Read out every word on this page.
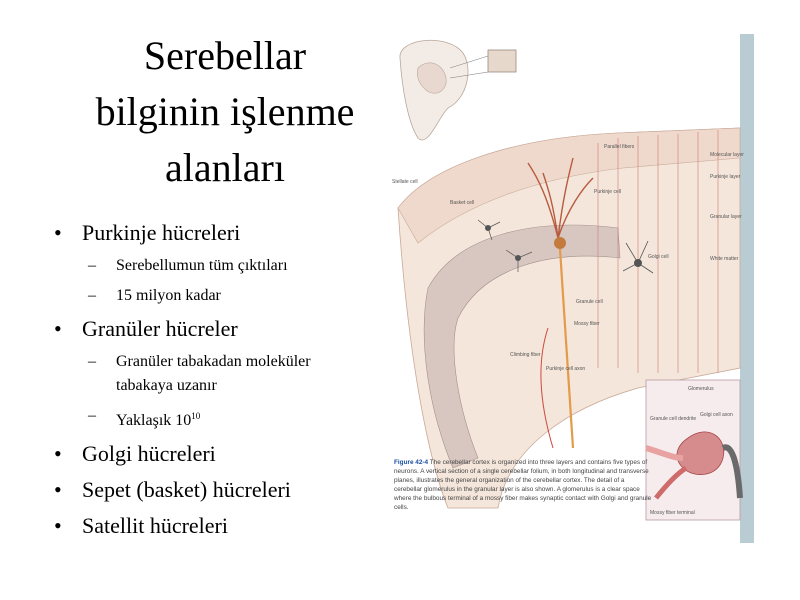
Serebellar
bilginin işlenme
alanları
• Purkinje hücreleri
– Serebellumun tüm çıktıları
– 15 milyon kadar
• Granüler hücreler
– Granüler tabakadan moleküler
tabakaya uzanır
– Yaklaşık $10^{10}$
• Golgi hücreleri
• Sepet (basket) hücreleri
• Satellit hücreleri
Stellate cell
Basket cell
Parallel fibers
Purkinje cell
Golgi cell
Granule cell
Mossy fiber
Climbing fiber
Purkinje cell axon
Molecular layer
Purkinje layer
Granular layer
White matter
Glomerulus
Granule cell dendrite
Golgi cell axon
Mossy fiber terminal
Figure 42-4 The cerebellar cortex is organized into three layers and contains five types of neurons. A vertical section of a single cerebellar folium, in both longitudinal and transverse planes, illustrates the general organization of the cerebellar cortex. The detail of a cerebellar glomerulus in the granular layer is also shown. A glomerulus is a clear space where the bulbous terminal of a mossy fiber makes synaptic contact with Golgi and granule cells.
